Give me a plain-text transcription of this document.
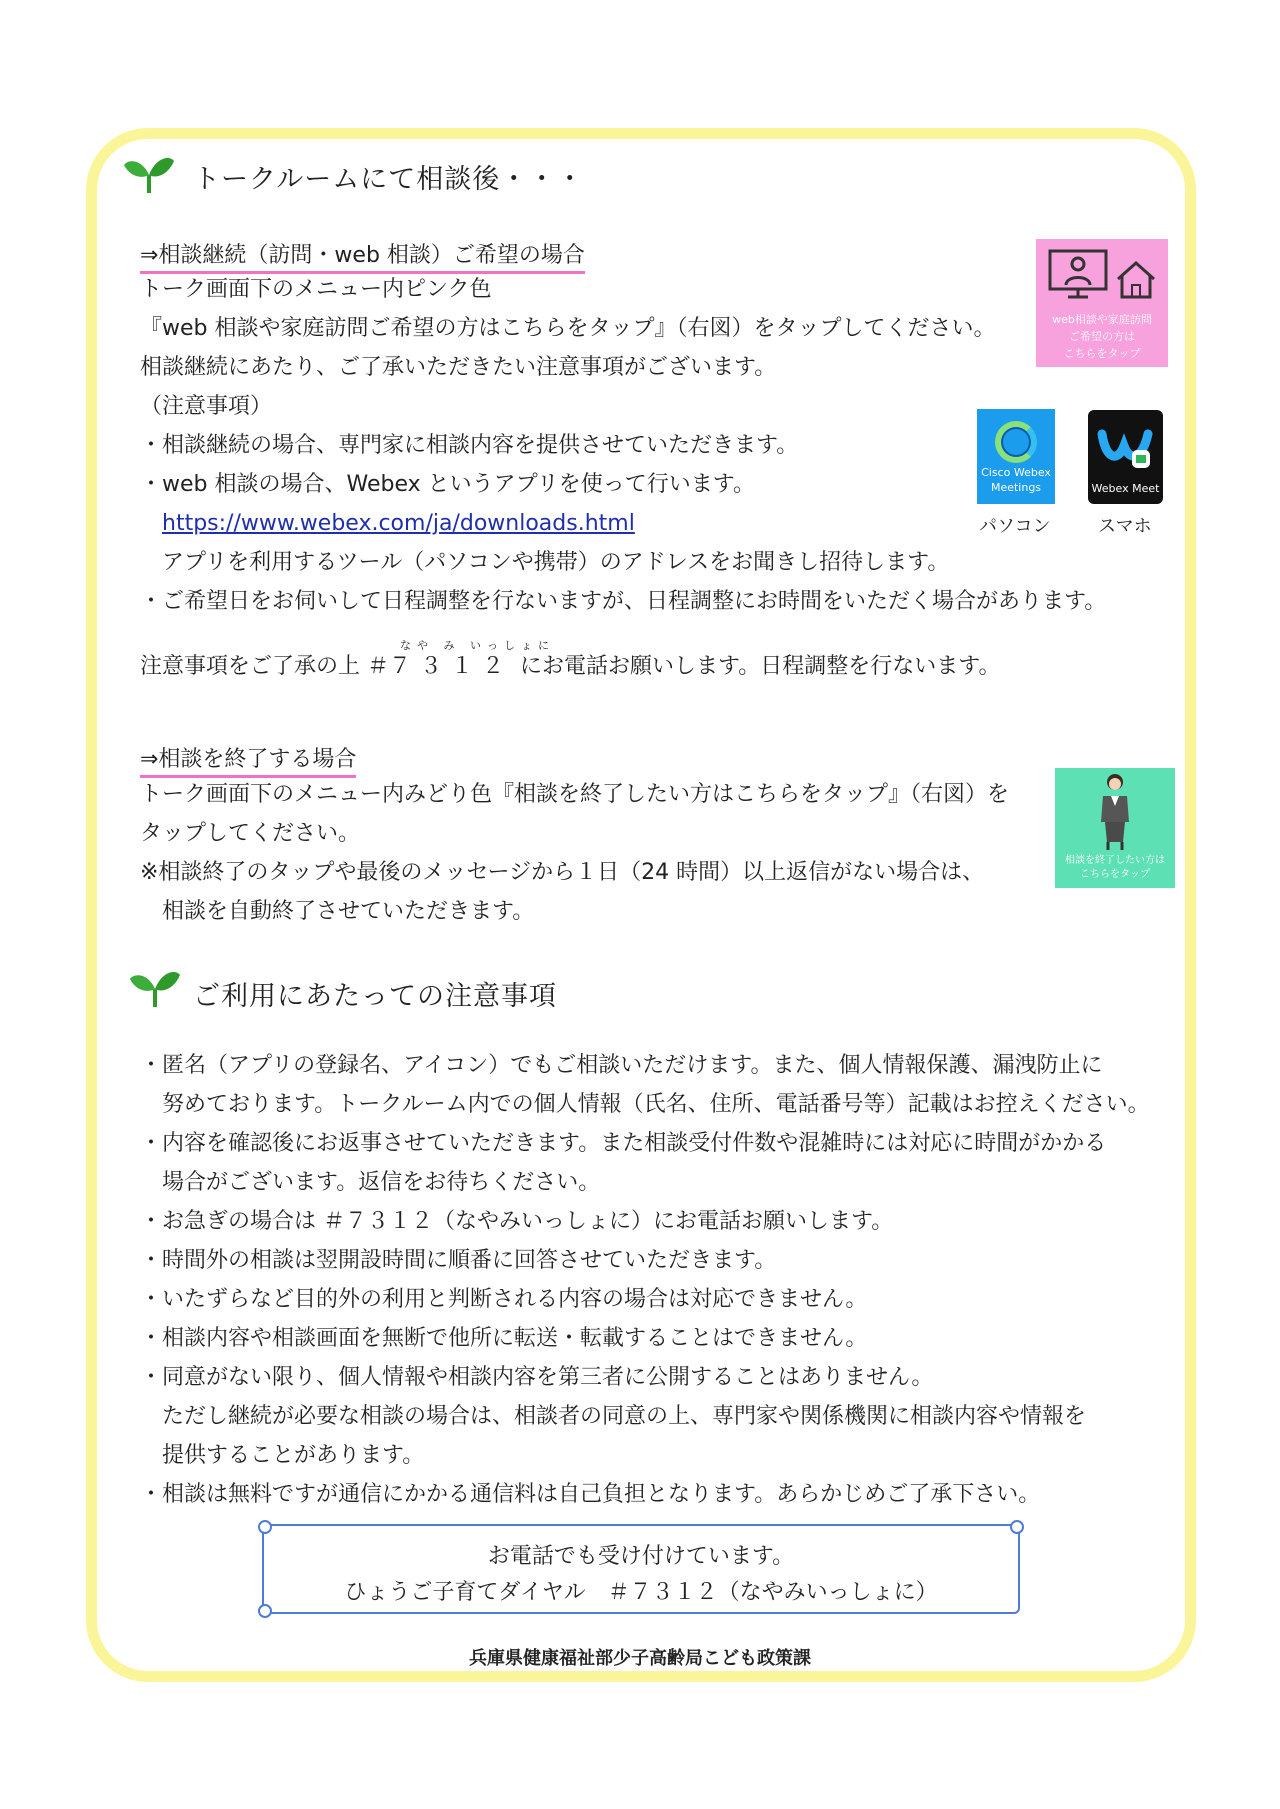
トークルームにて相談後・・・
⇒相談継続（訪問・web 相談）ご希望の場合
トーク画面下のメニュー内ピンク色
『web 相談や家庭訪問ご希望の方はこちらをタップ』（右図）をタップしてください。
相談継続にあたり、ご了承いただきたい注意事項がございます。
（注意事項）
・相談継続の場合、専門家に相談内容を提供させていただきます。
・web 相談の場合、Webex というアプリを使って行います。
https://www.webex.com/ja/downloads.html
アプリを利用するツール（パソコンや携帯）のアドレスをお聞きし招待します。
・ご希望日をお伺いして日程調整を行ないますが、日程調整にお時間をいただく場合があります。
なや み いっしょに
注意事項をご了承の上 ＃７３１２ にお電話お願いします。日程調整を行ないます。
web相談や家庭訪問
ご希望の方は
こちらをタップ
Cisco Webex
Meetings
パソコン
Webex Meet
スマホ
⇒相談を終了する場合
トーク画面下のメニュー内みどり色『相談を終了したい方はこちらをタップ』（右図）を
タップしてください。
※相談終了のタップや最後のメッセージから１日（24 時間）以上返信がない場合は、
相談を自動終了させていただきます。
相談を終了したい方は
こちらをタップ
ご利用にあたっての注意事項
・匿名（アプリの登録名、アイコン）でもご相談いただけます。また、個人情報保護、漏洩防止に
努めております。トークルーム内での個人情報（氏名、住所、電話番号等）記載はお控えください。
・内容を確認後にお返事させていただきます。また相談受付件数や混雑時には対応に時間がかかる
場合がございます。返信をお待ちください。
・お急ぎの場合は ＃７３１２（なやみいっしょに）にお電話お願いします。
・時間外の相談は翌開設時間に順番に回答させていただきます。
・いたずらなど目的外の利用と判断される内容の場合は対応できません。
・相談内容や相談画面を無断で他所に転送・転載することはできません。
・同意がない限り、個人情報や相談内容を第三者に公開することはありません。
ただし継続が必要な相談の場合は、相談者の同意の上、専門家や関係機関に相談内容や情報を
提供することがあります。
・相談は無料ですが通信にかかる通信料は自己負担となります。あらかじめご了承下さい。
お電話でも受け付けています。
ひょうご子育てダイヤル　＃７３１２（なやみいっしょに）
兵庫県健康福祉部少子高齢局こども政策課
